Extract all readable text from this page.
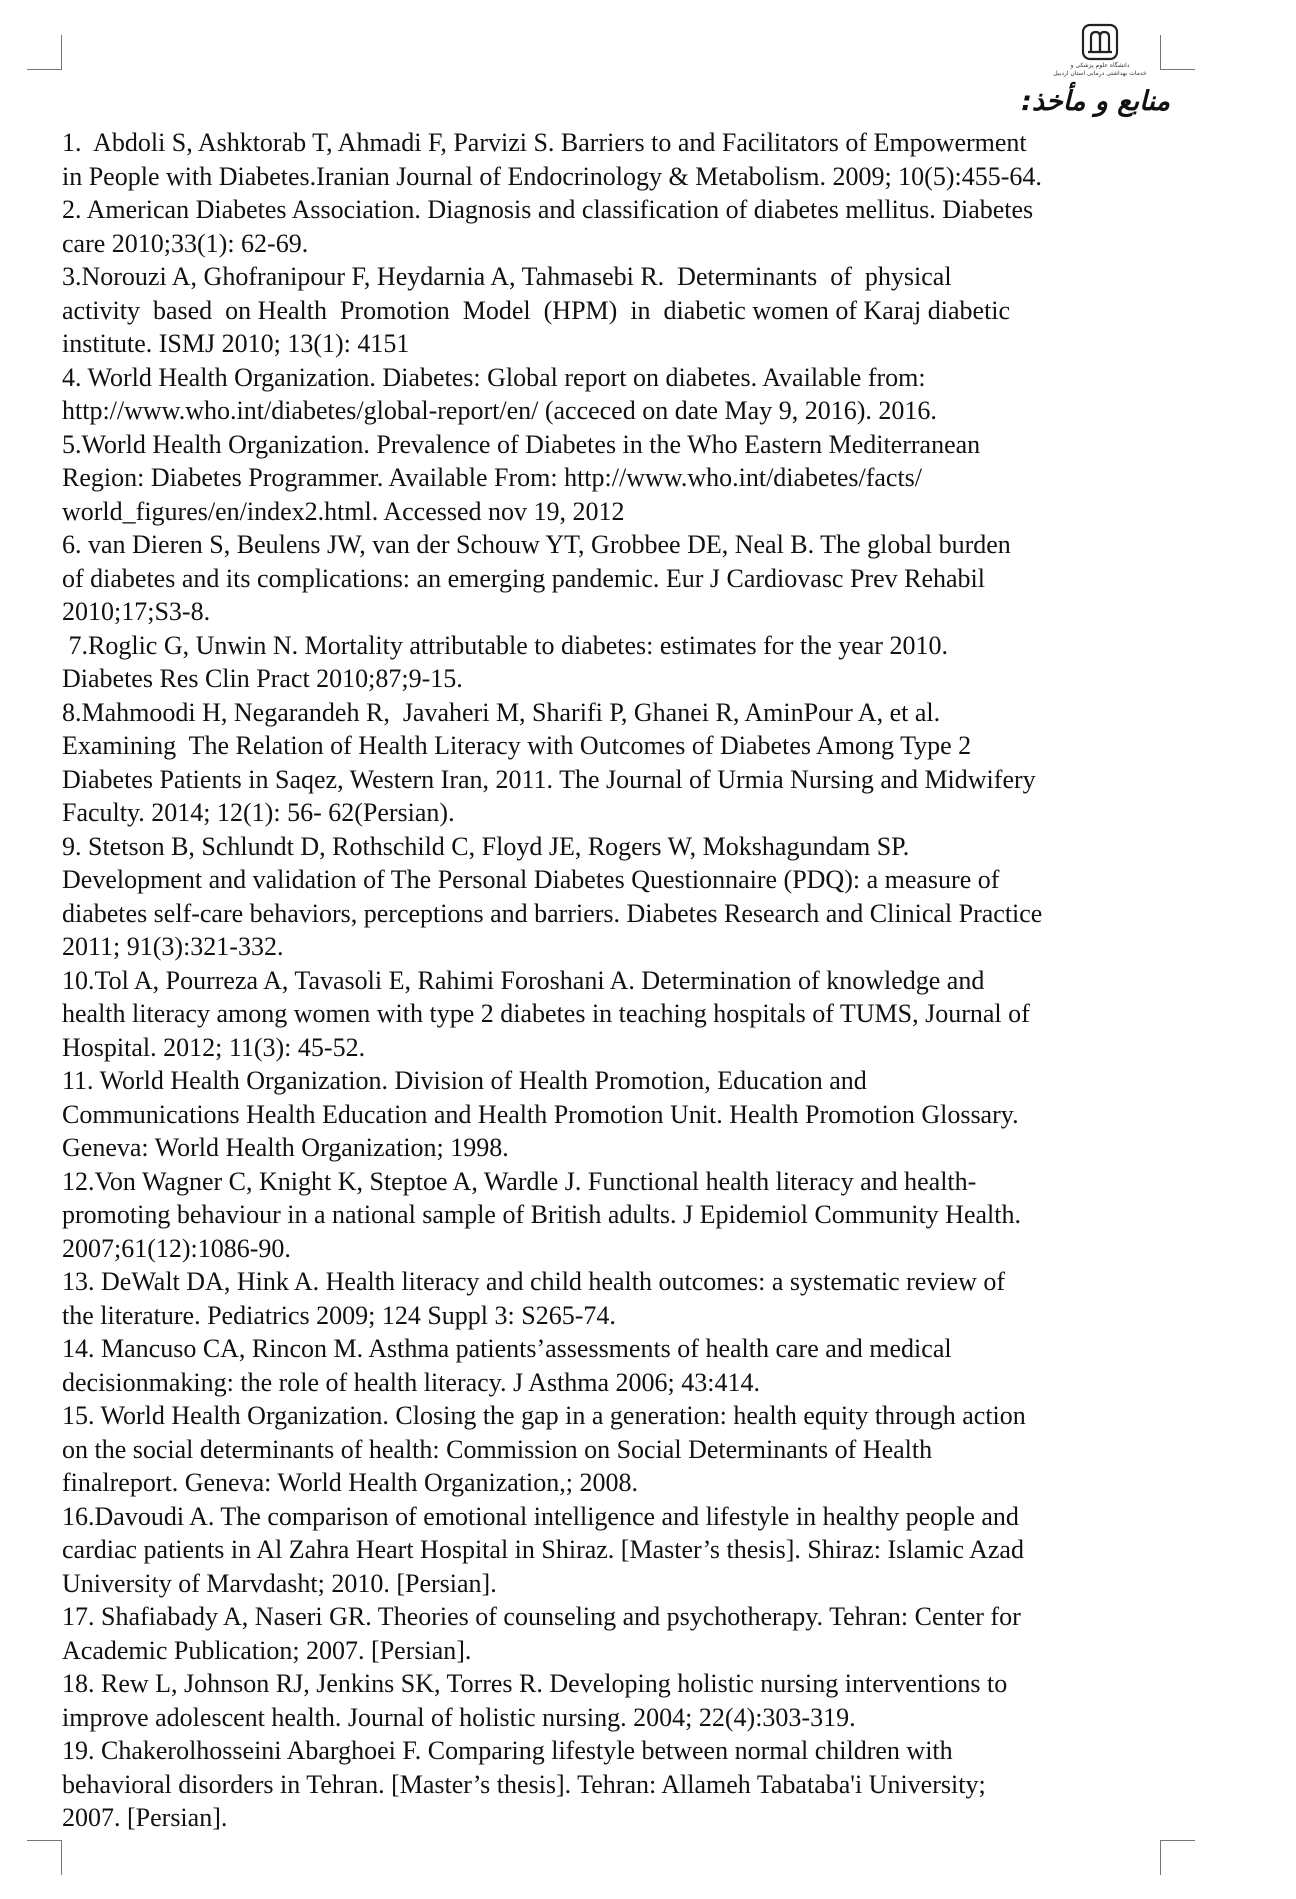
دانشگاه علوم پزشکی و
خدمات بهداشتی درمانی استان اردبیل
منابع و مأخذ:
1.  Abdoli S, Ashktorab T, Ahmadi F, Parvizi S. Barriers to and Facilitators of Empowerment
in People with Diabetes.Iranian Journal of Endocrinology & Metabolism. 2009; 10(5):455-64.
2. American Diabetes Association. Diagnosis and classification of diabetes mellitus. Diabetes
care 2010;33(1): 62-69.
3.Norouzi A, Ghofranipour F, Heydarnia A, Tahmasebi R.  Determinants  of  physical
activity  based  on Health  Promotion  Model  (HPM)  in  diabetic women of Karaj diabetic
institute. ISMJ 2010; 13(1): 4151
4. World Health Organization. Diabetes: Global report on diabetes. Available from:
http://www.who.int/diabetes/global-report/en/ (acceced on date May 9, 2016). 2016.
5.World Health Organization. Prevalence of Diabetes in the Who Eastern Mediterranean
Region: Diabetes Programmer. Available From: http://www.who.int/diabetes/facts/
world_figures/en/index2.html. Accessed nov 19, 2012
6. van Dieren S, Beulens JW, van der Schouw YT, Grobbee DE, Neal B. The global burden
of diabetes and its complications: an emerging pandemic. Eur J Cardiovasc Prev Rehabil
2010;17;S3-8.
7.Roglic G, Unwin N. Mortality attributable to diabetes: estimates for the year 2010.
Diabetes Res Clin Pract 2010;87;9-15.
8.Mahmoodi H, Negarandeh R,  Javaheri M, Sharifi P, Ghanei R, AminPour A, et al.
Examining  The Relation of Health Literacy with Outcomes of Diabetes Among Type 2
Diabetes Patients in Saqez, Western Iran, 2011. The Journal of Urmia Nursing and Midwifery
Faculty. 2014; 12(1): 56- 62(Persian).
9. Stetson B, Schlundt D, Rothschild C, Floyd JE, Rogers W, Mokshagundam SP.
Development and validation of The Personal Diabetes Questionnaire (PDQ): a measure of
diabetes self-care behaviors, perceptions and barriers. Diabetes Research and Clinical Practice
2011; 91(3):321-332.
10.Tol A, Pourreza A, Tavasoli E, Rahimi Foroshani A. Determination of knowledge and
health literacy among women with type 2 diabetes in teaching hospitals of TUMS, Journal of
Hospital. 2012; 11(3): 45-52.
11. World Health Organization. Division of Health Promotion, Education and
Communications Health Education and Health Promotion Unit. Health Promotion Glossary.
Geneva: World Health Organization; 1998.
12.Von Wagner C, Knight K, Steptoe A, Wardle J. Functional health literacy and health-
promoting behaviour in a national sample of British adults. J Epidemiol Community Health.
2007;61(12):1086-90.
13. DeWalt DA, Hink A. Health literacy and child health outcomes: a systematic review of
the literature. Pediatrics 2009; 124 Suppl 3: S265-74.
14. Mancuso CA, Rincon M. Asthma patients’assessments of health care and medical
decisionmaking: the role of health literacy. J Asthma 2006; 43:414.
15. World Health Organization. Closing the gap in a generation: health equity through action
on the social determinants of health: Commission on Social Determinants of Health
finalreport. Geneva: World Health Organization,; 2008.
16.Davoudi A. The comparison of emotional intelligence and lifestyle in healthy people and
cardiac patients in Al Zahra Heart Hospital in Shiraz. [Master’s thesis]. Shiraz: Islamic Azad
University of Marvdasht; 2010. [Persian].
17. Shafiabady A, Naseri GR. Theories of counseling and psychotherapy. Tehran: Center for
Academic Publication; 2007. [Persian].
18. Rew L, Johnson RJ, Jenkins SK, Torres R. Developing holistic nursing interventions to
improve adolescent health. Journal of holistic nursing. 2004; 22(4):303-319.
19. Chakerolhosseini Abarghoei F. Comparing lifestyle between normal children with
behavioral disorders in Tehran. [Master’s thesis]. Tehran: Allameh Tabataba'i University;
2007. [Persian].
